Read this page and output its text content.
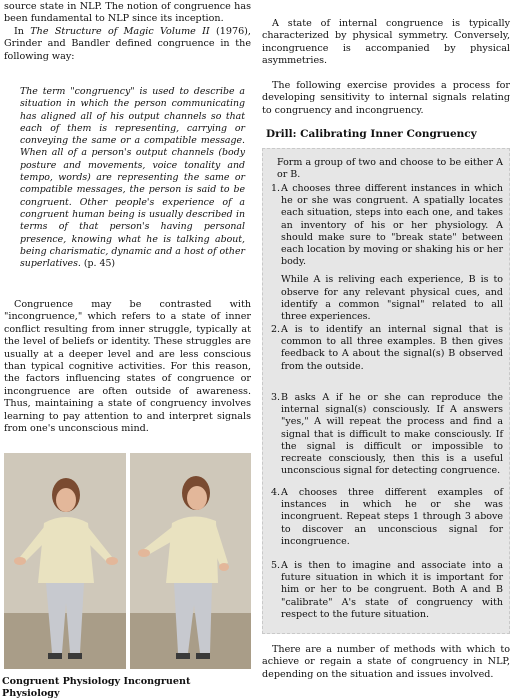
source state in NLP. The notion of congruence has been fundamental to NLP since its inception.

In The Structure of Magic Volume II (1976), Grinder and Bandler defined congruence in the following way:

The term "congruency" is used to describe a situation in which the person communicating has aligned all of his output channels so that each of them is representing, carrying or conveying the same or a compatible message. When all of a person's output channels (body posture and movements, voice tonality and tempo, words) are representing the same or compatible messages, the person is said to be congruent. Other people's experience of a congruent human being is usually described in terms of that person's having personal presence, knowing what he is talking about, being charismatic, dynamic and a host of other superlatives. (p. 45)

Congruence may be contrasted with "incongruence," which refers to a state of inner conflict resulting from inner struggle, typically at the level of beliefs or identity. These struggles are usually at a deeper level and are less conscious than typical cognitive activities. For this reason, the factors influencing states of congruence or incongruence are often outside of awareness. Thus, maintaining a state of congruency involves learning to pay attention to and interpret signals from one's unconscious mind.

Congruent Physiology Incongruent Physiology

A state of internal congruence is typically characterized by physical symmetry. Conversely, incongruence is accompanied by physical asymmetries.

The following exercise provides a process for developing sensitivity to internal signals relating to congruency and incongruency.

Drill: Calibrating Inner Congruency

Form a group of two and choose to be either A or B.

1. A chooses three different instances in which he or she was congruent. A spatially locates each situation, steps into each one, and takes an inventory of his or her physiology. A should make sure to "break state" between each location by moving or shaking his or her body.

While A is reliving each experience, B is to observe for any relevant physical cues, and identify a common "signal" related to all three experiences.

2. A is to identify an internal signal that is common to all three examples. B then gives feedback to A about the signal(s) B observed from the outside.

3. B asks A if he or she can reproduce the internal signal(s) consciously. If A answers "yes," A will repeat the process and find a signal that is difficult to make consciously. If the signal is difficult or impossible to recreate consciously, then this is a useful unconscious signal for detecting congruence.

4. A chooses three different examples of instances in which he or she was incongruent. Repeat steps 1 through 3 above to discover an unconscious signal for incongruence.

5. A is then to imagine and associate into a future situation in which it is important for him or her to be congruent. Both A and B "calibrate" A's state of congruency with respect to the future situation.

There are a number of methods with which to achieve or regain a state of congruency in NLP, depending on the situation and issues involved.
